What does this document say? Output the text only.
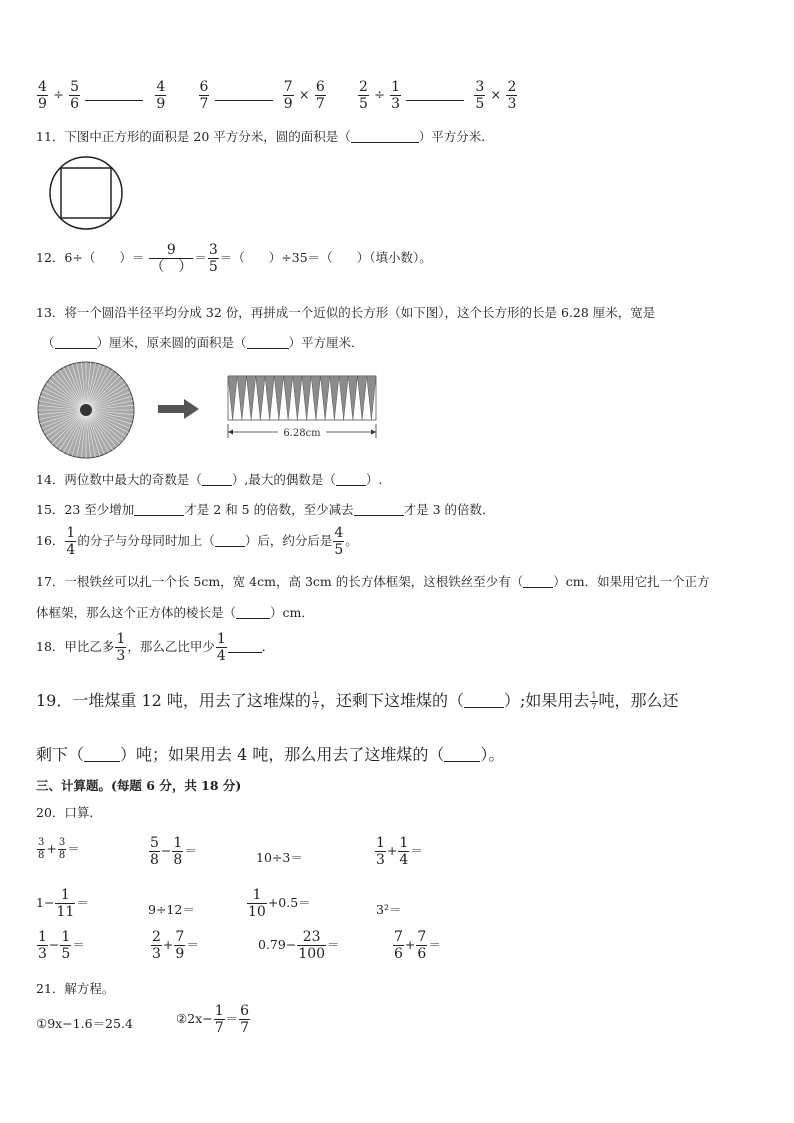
$\frac{4}{9} \div \frac{5}{6}$
	$\frac{4}{9}$
$\frac{6}{7}$
	$\frac{7}{9} \times \frac{6}{7}$
$\frac{2}{5} \div \frac{1}{3}$
	$\frac{3}{5} \times \frac{2}{3}$
11．下图中正方形的面积是 20 平方分米，圆的面积是（	）平方分米．
12．6÷（ ）＝ $\frac{9}{( )} = \frac{3}{5}$ ＝（ ）÷35＝（ ）（填小数）。
13．将一个圆沿半径平均分成 32 份，再拼成一个近似的长方形（如下图），这个长方形的长是 6.28 厘米，宽是
（	）厘米，原来圆的面积是（	）平方厘米．
6.28cm
14．两位数中最大的奇数是（ ）,最大的偶数是（ ）.
15．23 至少增加	才是 2 和 5 的倍数，至少减去	才是 3 的倍数．
16． $\frac{1}{4}$ 的分子与分母同时加上（ ）后，约分后是 $\frac{4}{5}$ 。
17．一根铁丝可以扎一个长 5cm，宽 4cm，高 3cm 的长方体框架，这根铁丝至少有（ ）cm．如果用它扎一个正方
体框架，那么这个正方体的棱长是（	）cm．
18．甲比乙多 $\frac{1}{3}$ ，那么乙比甲少 $\frac{1}{4}$	．
19．一堆煤重 12 吨，用去了这堆煤的 $\frac{1}{7}$ ，还剩下这堆煤的（	）;如果用去 $\frac{1}{7}$ 吨，那么还
剩下（ ）吨；如果用去 4 吨，那么用去了这堆煤的（ ）。
三、计算题。(每题 6 分，共 18 分)
20．口算．
$\frac{3}{8} + \frac{3}{8}$ ＝	$\frac{5}{8} - \frac{1}{8}$ ＝	10÷3＝	$\frac{1}{3} + \frac{1}{4}$ ＝
$1- \frac{1}{11}$ ＝	9÷12＝	$\frac{1}{10} +0.5=$	3²＝
$\frac{1}{3} - \frac{1}{5}$ ＝	$\frac{2}{3} + \frac{7}{9}$ ＝	$0.79- \frac{23}{100}$ ＝	$\frac{7}{6} + \frac{7}{6}$ ＝
21．解方程。
①9x−1.6＝25.4	②2x− $\frac{1}{7} = \frac{6}{7}$
